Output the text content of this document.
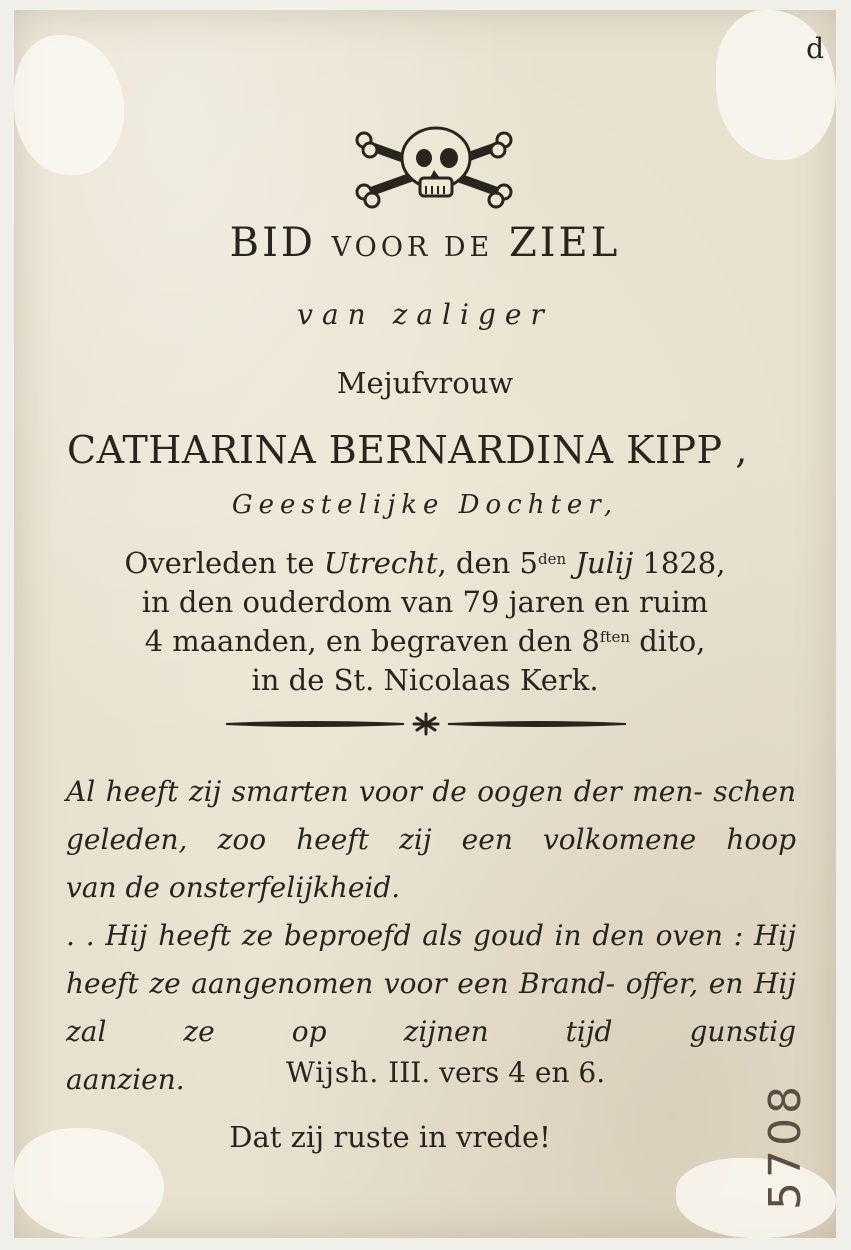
d
BID VOOR DE ZIEL
van zaliger
Mejufvrouw
CATHARINA BERNARDINA KIPP ,
Geestelijke Dochter,
Overleden te Utrecht, den $5^{den}$ Julij 1828,
in den ouderdom van 79 jaren en ruim
4 maanden, en begraven den $8^{ften}$ dito,
in de St. Nicolaas Kerk.
Al heeft zij smarten voor de oogen der men- schen geleden, zoo heeft zij een volkomene hoop
van de onsterfelijkheid.
. . Hij heeft ze beproefd als goud in den oven : Hij heeft ze aangenomen voor een Brand- offer, en Hij zal ze op zijnen tijd gunstig
aanzien.	Wijsh. III. vers 4 en 6.
Dat zij ruste in vrede!	5708
